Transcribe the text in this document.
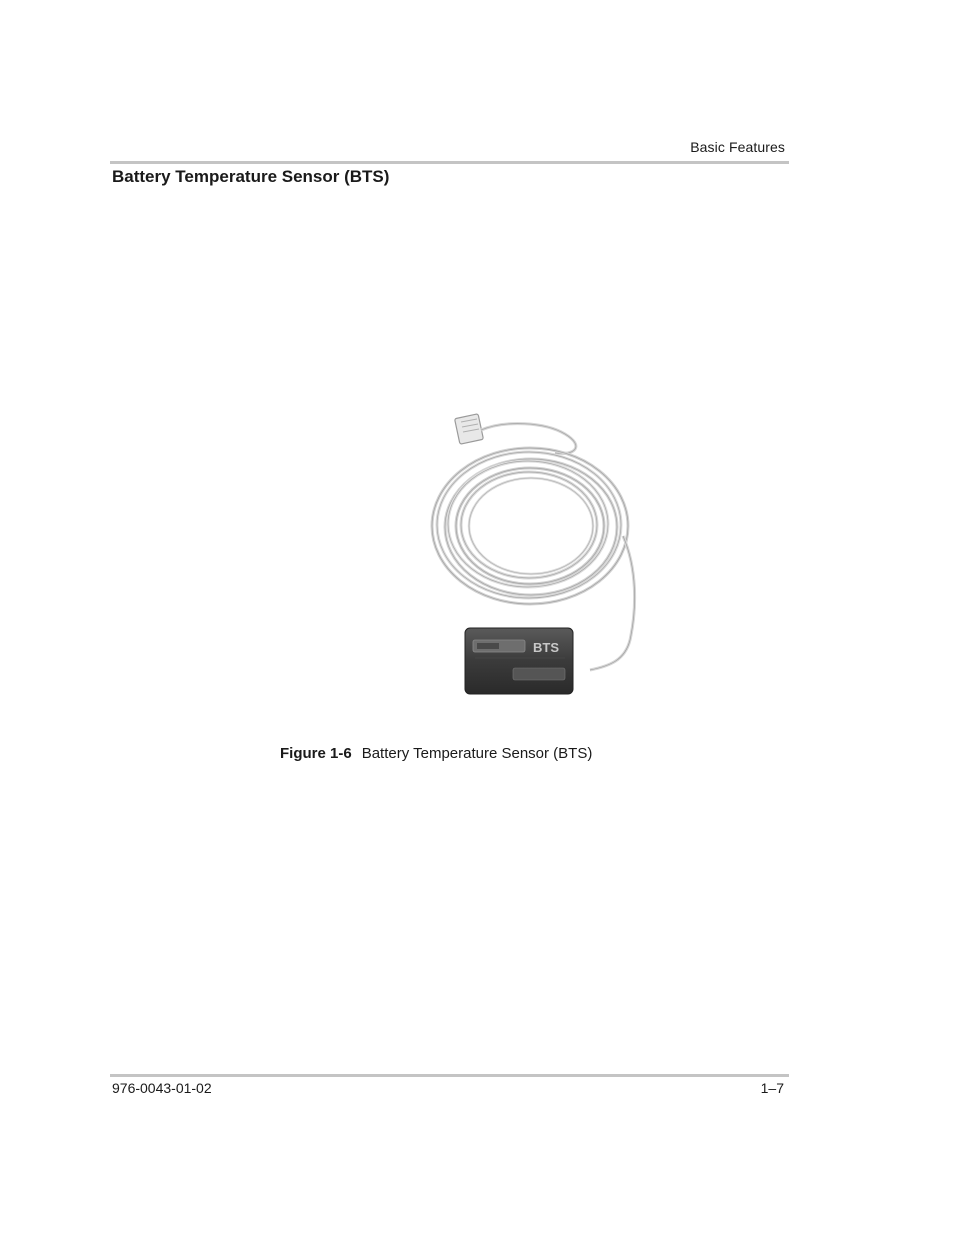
Basic Features
Battery Temperature Sensor (BTS)
BTS
Figure 1-6 Battery Temperature Sensor (BTS)
976-0043-01-02	1–7
